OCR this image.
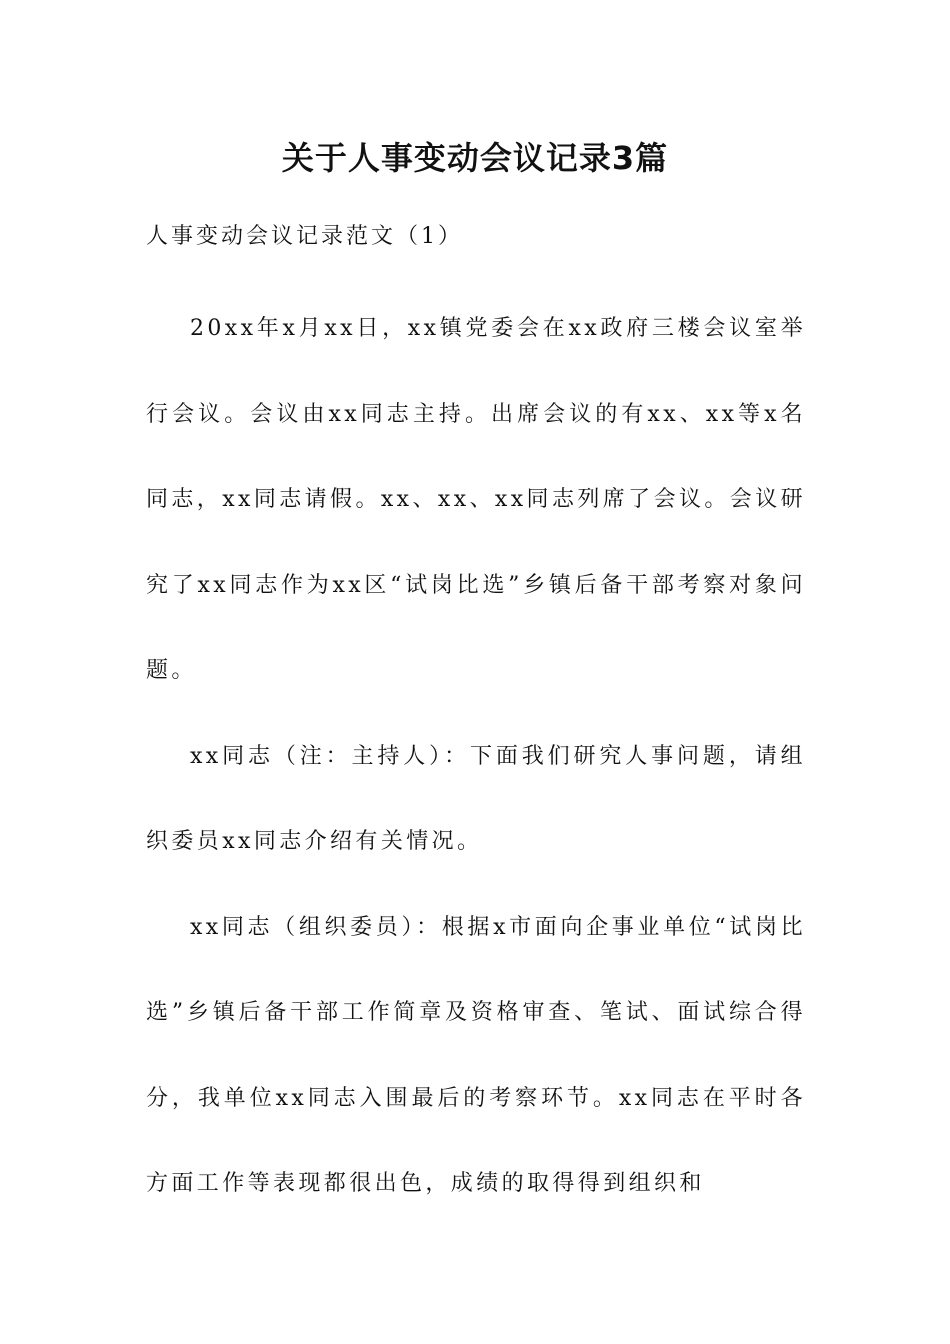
关于人事变动会议记录3篇

人事变动会议记录范文（1）

20xx年x月xx日，xx镇党委会在xx政府三楼会议室举行会议。会议由xx同志主持。出席会议的有xx、xx等x名同志，xx同志请假。xx、xx、xx同志列席了会议。会议研究了xx同志作为xx区“试岗比选”乡镇后备干部考察对象问题。

xx同志（注：主持人）：下面我们研究人事问题，请组织委员xx同志介绍有关情况。

xx同志（组织委员）：根据x市面向企事业单位“试岗比选”乡镇后备干部工作简章及资格审查、笔试、面试综合得分，我单位xx同志入围最后的考察环节。xx同志在平时各方面工作等表现都很出色，成绩的取得得到组织和
